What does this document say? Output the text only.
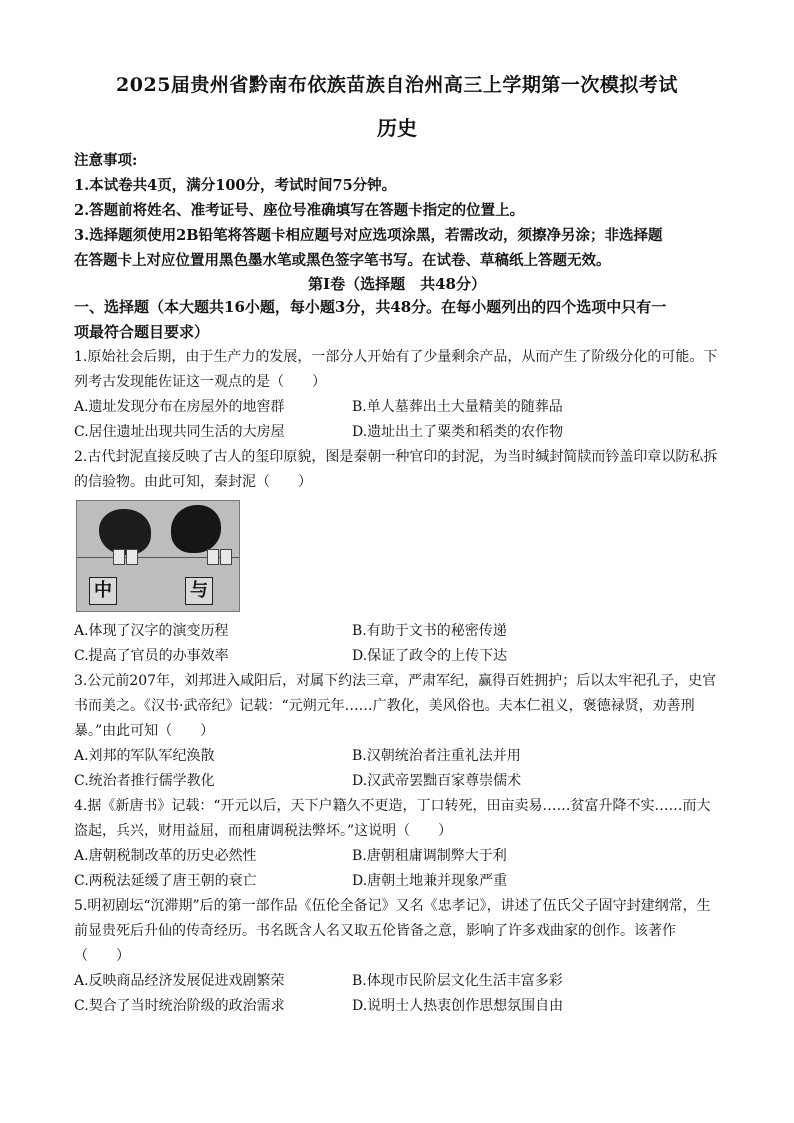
2025届贵州省黔南布依族苗族自治州高三上学期第一次模拟考试
历史
注意事项:
1.本试卷共4页，满分100分，考试时间75分钟。
2.答题前将姓名、准考证号、座位号准确填写在答题卡指定的位置上。
3.选择题须使用2B铅笔将答题卡相应题号对应选项涂黑，若需改动，须擦净另涂；非选择题
在答题卡上对应位置用黑色墨水笔或黑色签字笔书写。在试卷、草稿纸上答题无效。
第Ⅰ卷（选择题　共48分）
一、选择题（本大题共16小题，每小题3分，共48分。在每小题列出的四个选项中只有一
项最符合题目要求）
1.原始社会后期，由于生产力的发展，一部分人开始有了少量剩余产品，从而产生了阶级分化的可能。下
列考古发现能佐证这一观点的是（　　）
A.遗址发现分布在房屋外的地窖群	B.单人墓葬出土大量精美的随葬品
C.居住遗址出现共同生活的大房屋	D.遗址出土了粟类和稻类的农作物
2.古代封泥直接反映了古人的玺印原貌，图是秦朝一种官印的封泥，为当时缄封简牍而钤盖印章以防私拆
的信验物。由此可知，秦封泥（　　）
中	与
A.体现了汉字的演变历程	B.有助于文书的秘密传递
C.提高了官员的办事效率	D.保证了政令的上传下达
3.公元前207年，刘邦进入咸阳后，对属下约法三章，严肃军纪，赢得百姓拥护；后以太牢祀孔子，史官
书而美之。《汉书·武帝纪》记载：“元朔元年……广教化，美风俗也。夫本仁祖义，褒德禄贤，劝善刑
暴。”由此可知（　　）
A.刘邦的军队军纪涣散	B.汉朝统治者注重礼法并用
C.统治者推行儒学教化	D.汉武帝罢黜百家尊崇儒术
4.据《新唐书》记载：“开元以后，天下户籍久不更造，丁口转死，田亩卖易……贫富升降不实……而大
盗起，兵兴，财用益屈，而租庸调税法弊坏。”这说明（　　）
A.唐朝税制改革的历史必然性	B.唐朝租庸调制弊大于利
C.两税法延缓了唐王朝的衰亡	D.唐朝土地兼并现象严重
5.明初剧坛“沉滞期”后的第一部作品《伍伦全备记》又名《忠孝记》，讲述了伍氏父子固守封建纲常，生
前显贵死后升仙的传奇经历。书名既含人名又取五伦皆备之意，影响了许多戏曲家的创作。该著作
（　　）
A.反映商品经济发展促进戏剧繁荣	B.体现市民阶层文化生活丰富多彩
C.契合了当时统治阶级的政治需求	D.说明士人热衷创作思想氛围自由
